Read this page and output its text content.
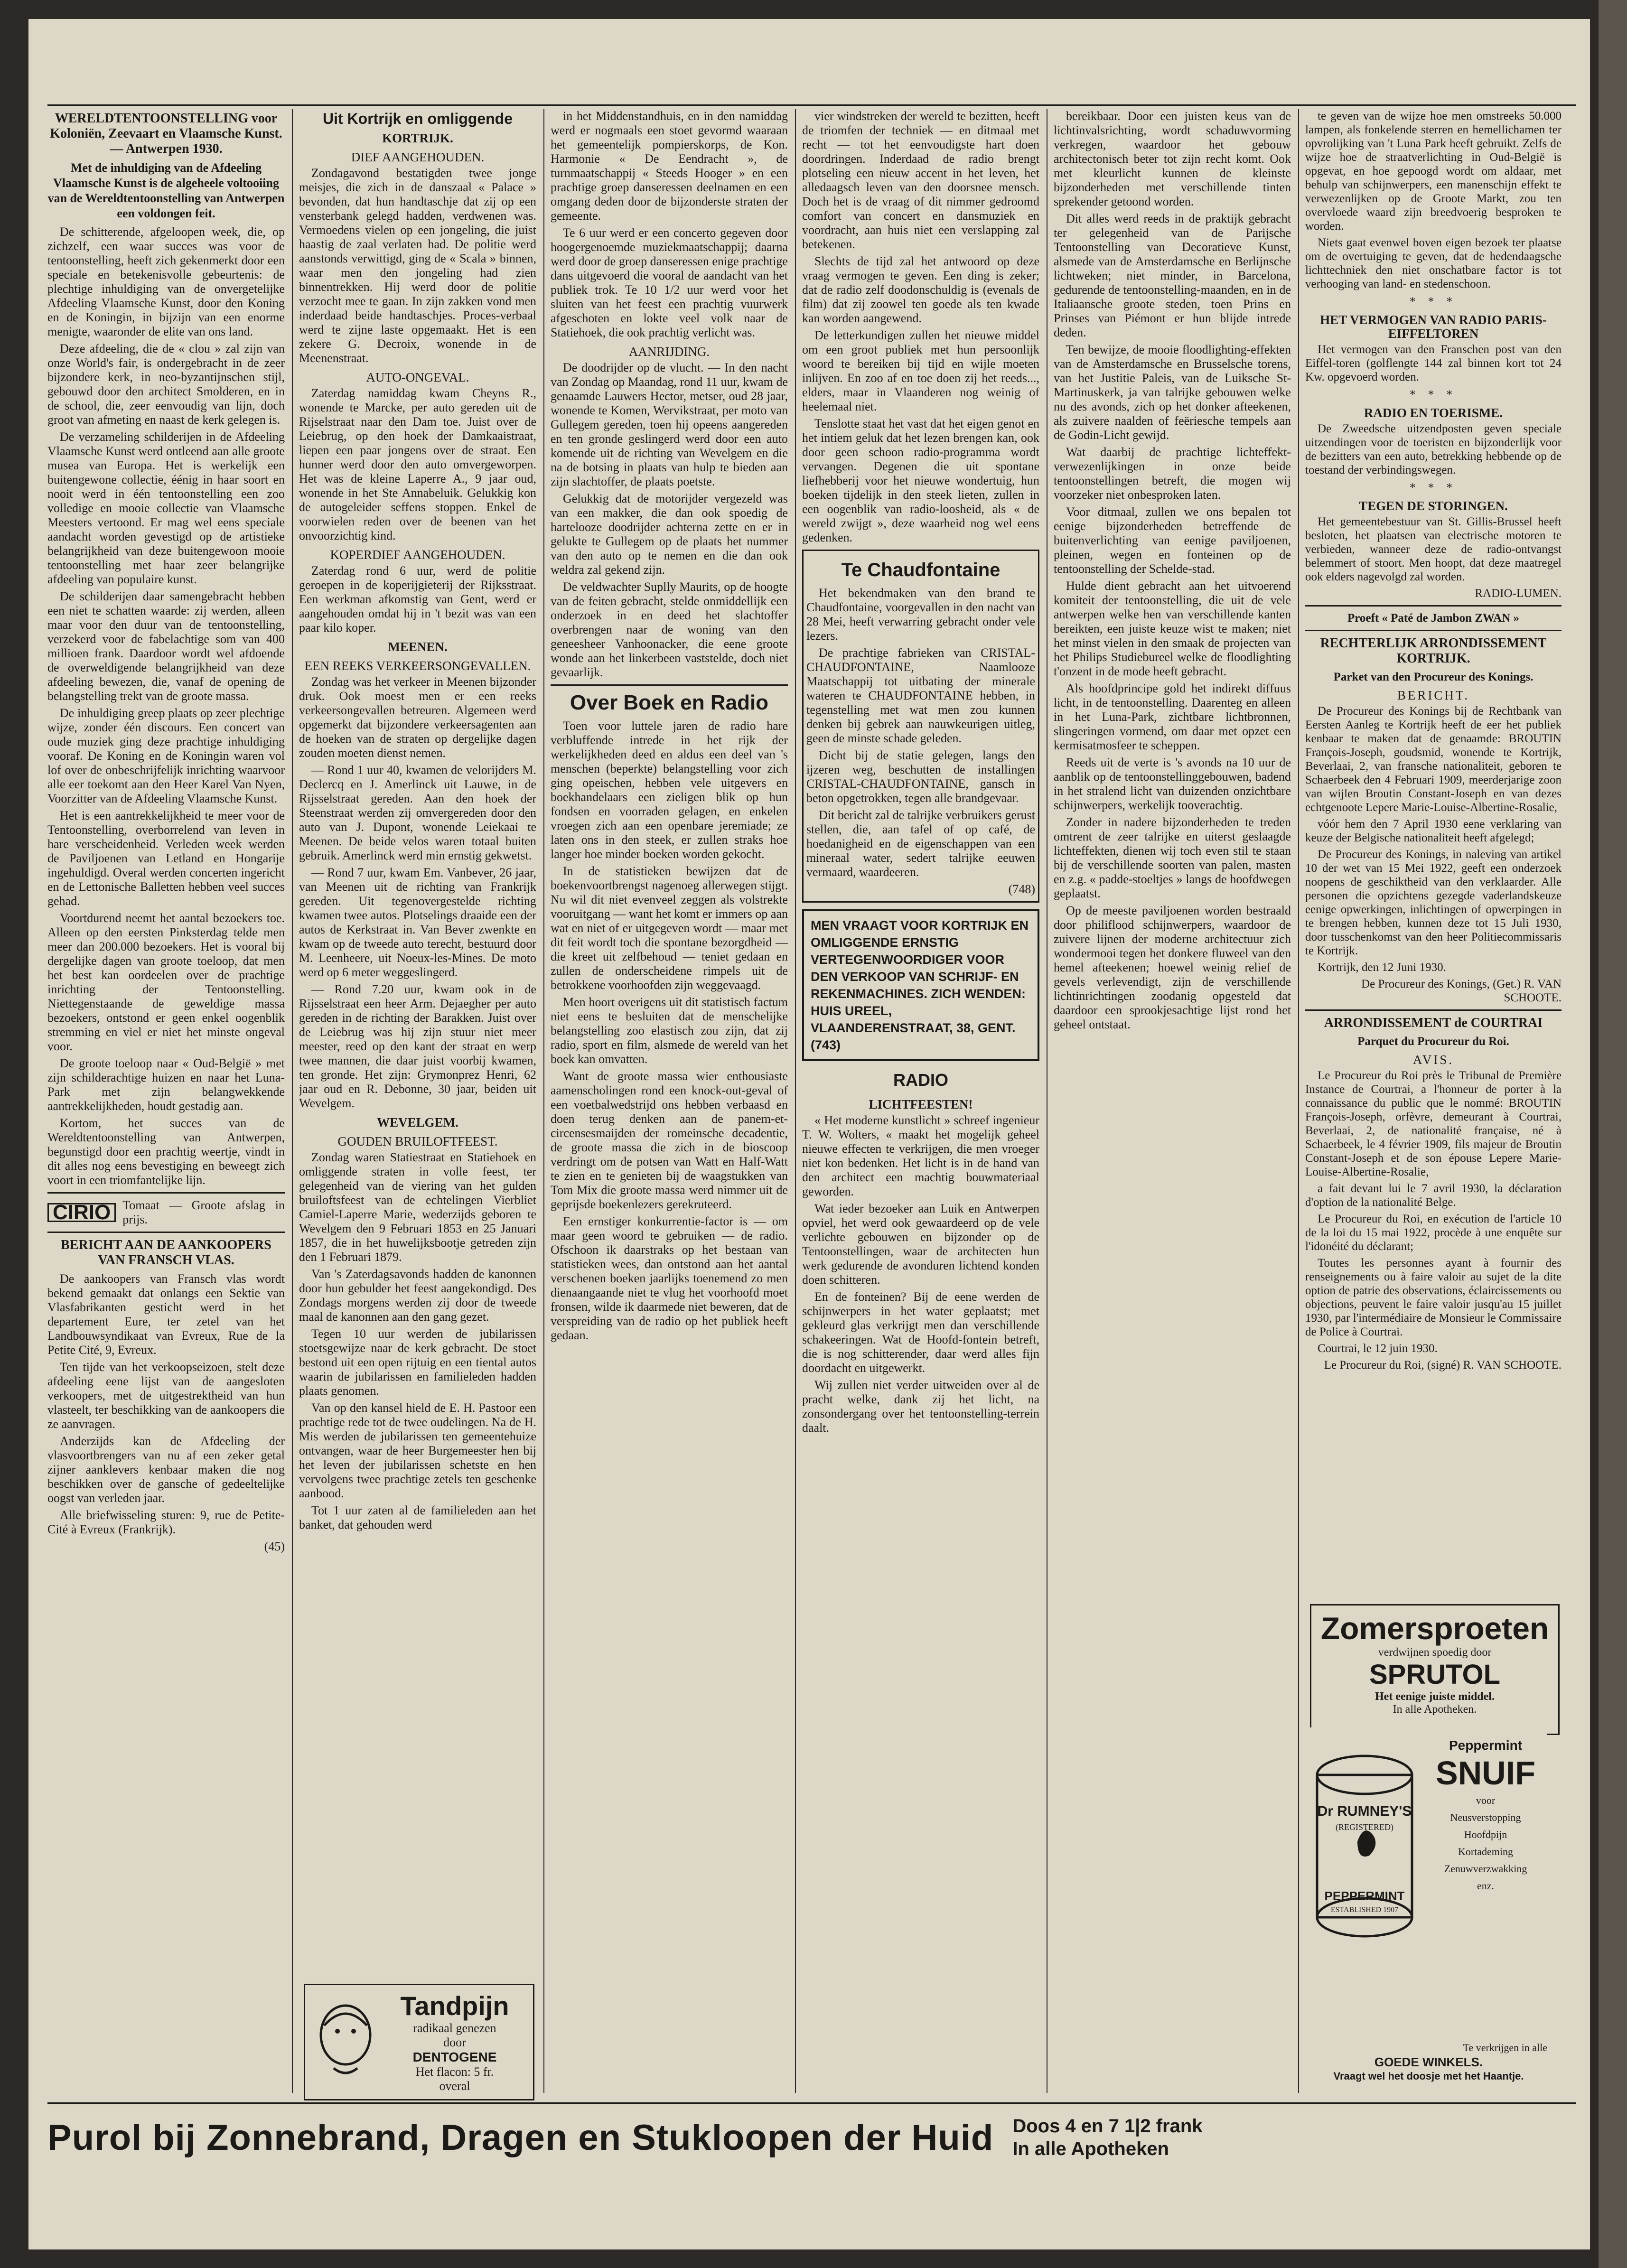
WERELDTENTOONSTELLING voor Koloniën, Zeevaart en Vlaamsche Kunst. — Antwerpen 1930.
Met de inhuldiging van de Afdeeling Vlaamsche Kunst is de algeheele voltooiing van de Wereldtentoonstelling van Antwerpen een voldongen feit.

De schitterende, afgeloopen week, die, op zichzelf, een waar succes was voor de tentoonstelling, heeft zich gekenmerkt door een speciale en betekenisvolle gebeurtenis: de plechtige inhuldiging van de onvergetelijke Afdeeling Vlaamsche Kunst, door den Koning en de Koningin, in bijzijn van een enorme menigte, waaronder de elite van ons land.

Deze afdeeling, die de « clou » zal zijn van onze World's fair, is ondergebracht in de zeer bijzondere kerk, in neo-byzantijnschen stijl, gebouwd door den architect Smolderen, en in de school, die, zeer eenvoudig van lijn, doch groot van afmeting en naast de kerk gelegen is.

De verzameling schilderijen in de Afdeeling Vlaamsche Kunst werd ontleend aan alle groote musea van Europa. Het is werkelijk een buitengewone collectie, éénig in haar soort en nooit werd in één tentoonstelling een zoo volledige en mooie collectie van Vlaamsche Meesters vertoond. Er mag wel eens speciale aandacht worden gevestigd op de artistieke belangrijkheid van deze buitengewoon mooie tentoonstelling met haar zeer belangrijke afdeeling van populaire kunst.

De schilderijen daar samengebracht hebben een niet te schatten waarde: zij werden, alleen maar voor den duur van de tentoonstelling, verzekerd voor de fabelachtige som van 400 millioen frank. Daardoor wordt wel afdoende de overweldigende belangrijkheid van deze afdeeling bewezen, die, vanaf de opening de belangstelling trekt van de groote massa.

De inhuldiging greep plaats op zeer plechtige wijze, zonder één discours. Een concert van oude muziek ging deze prachtige inhuldiging vooraf. De Koning en de Koningin waren vol lof over de onbeschrijfelijk inrichting waarvoor alle eer toekomt aan den Heer Karel Van Nyen, Voorzitter van de Afdeeling Vlaamsche Kunst.

Het is een aantrekkelijkheid te meer voor de Tentoonstelling, overborrelend van leven in hare verscheidenheid. Verleden week werden de Paviljoenen van Letland en Hongarije ingehuldigd. Overal werden concerten ingericht en de Lettonische Balletten hebben veel succes gehad.

Voortdurend neemt het aantal bezoekers toe. Alleen op den eersten Pinksterdag telde men meer dan 200.000 bezoekers. Het is vooral bij dergelijke dagen van groote toeloop, dat men het best kan oordeelen over de prachtige inrichting der Tentoonstelling. Niettegenstaande de geweldige massa bezoekers, ontstond er geen enkel oogenblik stremming en viel er niet het minste ongeval voor.

De groote toeloop naar « Oud-België » met zijn schilderachtige huizen en naar het Luna-Park met zijn belangwekkende aantrekkelijkheden, houdt gestadig aan.

Kortom, het succes van de Wereldtentoonstelling van Antwerpen, begunstigd door een prachtig weertje, vindt in dit alles nog eens bevestiging en beweegt zich voort in een triomfantelijke lijn.

CIRIO Tomaat — Groote afslag in prijs.
BERICHT AAN DE AANKOOPERS VAN FRANSCH VLAS.

De aankoopers van Fransch vlas wordt bekend gemaakt dat onlangs een Sektie van Vlasfabrikanten gesticht werd in het departement Eure, ter zetel van het Landbouwsyndikaat van Evreux, Rue de la Petite Cité, 9, Evreux.

Ten tijde van het verkoopseizoen, stelt deze afdeeling eene lijst van de aangesloten verkoopers, met de uitgestrektheid van hun vlasteelt, ter beschikking van de aankoopers die ze aanvragen.

Anderzijds kan de Afdeeling der vlasvoortbrengers van nu af een zeker getal zijner aanklevers kenbaar maken die nog beschikken over de gansche of gedeeltelijke oogst van verleden jaar.

Alle briefwisseling sturen: 9, rue de Petite-Cité à Evreux (Frankrijk).

(45)
Uit Kortrijk en omliggende
KORTRIJK.
DIEF AANGEHOUDEN.

Zondagavond bestatigden twee jonge meisjes, die zich in de danszaal « Palace » bevonden, dat hun handtaschje dat zij op een vensterbank gelegd hadden, verdwenen was. Vermoedens vielen op een jongeling, die juist haastig de zaal verlaten had. De politie werd aanstonds verwittigd, ging de « Scala » binnen, waar men den jongeling had zien binnentrekken. Hij werd door de politie verzocht mee te gaan. In zijn zakken vond men inderdaad beide handtaschjes. Proces-verbaal werd te zijne laste opgemaakt. Het is een zekere G. Decroix, wonende in de Meenenstraat.

AUTO-ONGEVAL.

Zaterdag namiddag kwam Cheyns R., wonende te Marcke, per auto gereden uit de Rijselstraat naar den Dam toe. Juist over de Leiebrug, op den hoek der Damkaaistraat, liepen een paar jongens over de straat. Een hunner werd door den auto omvergeworpen. Het was de kleine Laperre A., 9 jaar oud, wonende in het Ste Annabeluik. Gelukkig kon de autogeleider seffens stoppen. Enkel de voorwielen reden over de beenen van het onvoorzichtig kind.

KOPERDIEF AANGEHOUDEN.

Zaterdag rond 6 uur, werd de politie geroepen in de koperijgieterij der Rijksstraat. Een werkman afkomstig van Gent, werd er aangehouden omdat hij in 't bezit was van een paar kilo koper.

MEENEN.
EEN REEKS VERKEERSONGEVALLEN.

Zondag was het verkeer in Meenen bijzonder druk. Ook moest men er een reeks verkeersongevallen betreuren. Algemeen werd opgemerkt dat bijzondere verkeersagenten aan de hoeken van de straten op dergelijke dagen zouden moeten dienst nemen.

— Rond 1 uur 40, kwamen de velorijders M. Declercq en J. Amerlinck uit Lauwe, in de Rijsselstraat gereden. Aan den hoek der Steenstraat werden zij omvergereden door den auto van J. Dupont, wonende Leiekaai te Meenen. De beide velos waren totaal buiten gebruik. Amerlinck werd min ernstig gekwetst.

— Rond 7 uur, kwam Em. Vanbever, 26 jaar, van Meenen uit de richting van Frankrijk gereden. Uit tegenovergestelde richting kwamen twee autos. Plotselings draaide een der autos de Kerkstraat in. Van Bever zwenkte en kwam op de tweede auto terecht, bestuurd door M. Leenheere, uit Noeux-les-Mines. De moto werd op 6 meter weggeslingerd.

— Rond 7.20 uur, kwam ook in de Rijsselstraat een heer Arm. Dejaegher per auto gereden in de richting der Barakken. Juist over de Leiebrug was hij zijn stuur niet meer meester, reed op den kant der straat en werp twee mannen, die daar juist voorbij kwamen, ten gronde. Het zijn: Grymonprez Henri, 62 jaar oud en R. Debonne, 30 jaar, beiden uit Wevelgem.

WEVELGEM.
GOUDEN BRUILOFTFEEST.

Zondag waren Statiestraat en Statiehoek en omliggende straten in volle feest, ter gelegenheid van de viering van het gulden bruiloftsfeest van de echtelingen Vierbliet Camiel-Laperre Marie, wederzijds geboren te Wevelgem den 9 Februari 1853 en 25 Januari 1857, die in het huwelijksbootje getreden zijn den 1 Februari 1879.

Van 's Zaterdagsavonds hadden de kanonnen door hun gebulder het feest aangekondigd. Des Zondags morgens werden zij door de tweede maal de kanonnen aan den gang gezet.

Tegen 10 uur werden de jubilarissen stoetsgewijze naar de kerk gebracht. De stoet bestond uit een open rijtuig en een tiental autos waarin de jubilarissen en familieleden hadden plaats genomen.

Van op den kansel hield de E. H. Pastoor een prachtige rede tot de twee oudelingen. Na de H. Mis werden de jubilarissen ten gemeentehuize ontvangen, waar de heer Burgemeester hen bij het leven der jubilarissen schetste en hen vervolgens twee prachtige zetels ten geschenke aanbood.

Tot 1 uur zaten al de familieleden aan het banket, dat gehouden werd

Tandpijn
radikaal genezen
door
DENTOGENE
Het flacon: 5 fr.
overal

in het Middenstandhuis, en in den namiddag werd er nogmaals een stoet gevormd waaraan het gemeentelijk pompierskorps, de Kon. Harmonie « De Eendracht », de turnmaatschappij « Steeds Hooger » en een prachtige groep danseressen deelnamen en een omgang deden door de bijzonderste straten der gemeente.

Te 6 uur werd er een concerto gegeven door hoogergenoemde muziekmaatschappij; daarna werd door de groep danseressen enige prachtige dans uitgevoerd die vooral de aandacht van het publiek trok. Te 10 1/2 uur werd voor het sluiten van het feest een prachtig vuurwerk afgeschoten en lokte veel volk naar de Statiehoek, die ook prachtig verlicht was.

AANRIJDING.

De doodrijder op de vlucht. — In den nacht van Zondag op Maandag, rond 11 uur, kwam de genaamde Lauwers Hector, metser, oud 28 jaar, wonende te Komen, Wervikstraat, per moto van Gullegem gereden, toen hij opeens aangereden en ten gronde geslingerd werd door een auto komende uit de richting van Wevelgem en die na de botsing in plaats van hulp te bieden aan zijn slachtoffer, de plaats poetste.

Gelukkig dat de motorijder vergezeld was van een makker, die dan ook spoedig de hartelooze doodrijder achterna zette en er in gelukte te Gullegem op de plaats het nummer van den auto op te nemen en die dan ook weldra zal gekend zijn.

De veldwachter Suplly Maurits, op de hoogte van de feiten gebracht, stelde onmiddellijk een onderzoek in en deed het slachtoffer overbrengen naar de woning van den geneesheer Vanhoonacker, die eene groote wonde aan het linkerbeen vaststelde, doch niet gevaarlijk.

Over Boek en Radio

Toen voor luttele jaren de radio hare verbluffende intrede in het rijk der werkelijkheden deed en aldus een deel van 's menschen (beperkte) belangstelling voor zich ging opeischen, hebben vele uitgevers en boekhandelaars een zieligen blik op hun fondsen en voorraden gelagen, en enkelen vroegen zich aan een openbare jeremiade; ze laten ons in den steek, er zullen straks hoe langer hoe minder boeken worden gekocht.

In de statistieken bewijzen dat de boekenvoortbrengst nagenoeg allerwegen stijgt. Nu wil dit niet evenveel zeggen als volstrekte vooruitgang — want het komt er immers op aan wat en niet of er uitgegeven wordt — maar met dit feit wordt toch die spontane bezorgdheid — die kreet uit zelfbehoud — teniet gedaan en zullen de onderscheidene rimpels uit de betrokkene voorhoofden zijn weggevaagd.

Men hoort overigens uit dit statistisch factum niet eens te besluiten dat de menschelijke belangstelling zoo elastisch zou zijn, dat zij radio, sport en film, alsmede de wereld van het boek kan omvatten.

Want de groote massa wier enthousiaste aamenscholingen rond een knock-out-geval of een voetbalwedstrijd ons hebben verbaasd en doen terug denken aan de panem-et-circensesmaijden der romeinsche decadentie, de groote massa die zich in de bioscoop verdringt om de potsen van Watt en Half-Watt te zien en te genieten bij de waagstukken van Tom Mix die groote massa werd nimmer uit de geprijsde boekenlezers gerekruteerd.

Een ernstiger konkurrentie-factor is — om maar geen woord te gebruiken — de radio. Ofschoon ik daarstraks op het bestaan van statistieken wees, dan ontstond aan het aantal verschenen boeken jaarlijks toenemend zo men dienaangaande niet te vlug het voorhoofd moet fronsen, wilde ik daarmede niet beweren, dat de verspreiding van de radio op het publiek heeft gedaan.

vier windstreken der wereld te bezitten, heeft de triomfen der techniek — en ditmaal met recht — tot het eenvoudigste hart doen doordringen. Inderdaad de radio brengt plotseling een nieuw accent in het leven, het alledaagsch leven van den doorsnee mensch. Doch het is de vraag of dit nimmer gedroomd comfort van concert en dansmuziek en voordracht, aan huis niet een verslapping zal betekenen.

Slechts de tijd zal het antwoord op deze vraag vermogen te geven. Een ding is zeker; dat de radio zelf doodonschuldig is (evenals de film) dat zij zoowel ten goede als ten kwade kan worden aangewend.

De letterkundigen zullen het nieuwe middel om een groot publiek met hun persoonlijk woord te bereiken bij tijd en wijle moeten inlijven. En zoo af en toe doen zij het reeds..., elders, maar in Vlaanderen nog weinig of heelemaal niet.

Tenslotte staat het vast dat het eigen genot en het intiem geluk dat het lezen brengen kan, ook door geen schoon radio-programma wordt vervangen. Degenen die uit spontane liefhebberij voor het nieuwe wondertuig, hun boeken tijdelijk in den steek lieten, zullen in een oogenblik van radio-loosheid, als « de wereld zwijgt », deze waarheid nog wel eens gedenken.

Te Chaudfontaine

Het bekendmaken van den brand te Chaudfontaine, voorgevallen in den nacht van 28 Mei, heeft verwarring gebracht onder vele lezers.

De prachtige fabrieken van CRISTAL-CHAUDFONTAINE, Naamlooze Maatschappij tot uitbating der minerale wateren te CHAUDFONTAINE hebben, in tegenstelling met wat men zou kunnen denken bij gebrek aan nauwkeurigen uitleg, geen de minste schade geleden.

Dicht bij de statie gelegen, langs den ijzeren weg, beschutten de installingen CRISTAL-CHAUDFONTAINE, gansch in beton opgetrokken, tegen alle brandgevaar.

Dit bericht zal de talrijke verbruikers gerust stellen, die, aan tafel of op café, de hoedanigheid en de eigenschappen van een mineraal water, sedert talrijke eeuwen vermaard, waardeeren.

(748)
MEN VRAAGT VOOR KORTRIJK EN OMLIGGENDE ERNSTIG VERTEGENWOORDIGER VOOR DEN VERKOOP VAN SCHRIJF- EN REKENMACHINES. ZICH WENDEN: HUIS UREEL, VLAANDERENSTRAAT, 38, GENT. (743)
RADIO
LICHTFEESTEN!

« Het moderne kunstlicht » schreef ingenieur T. W. Wolters, « maakt het mogelijk geheel nieuwe effecten te verkrijgen, die men vroeger niet kon bedenken. Het licht is in de hand van den architect een machtig bouwmateriaal geworden.

Wat ieder bezoeker aan Luik en Antwerpen opviel, het werd ook gewaardeerd op de vele verlichte gebouwen en bijzonder op de Tentoonstellingen, waar de architecten hun werk gedurende de avonduren lichtend konden doen schitteren.

En de fonteinen? Bij de eene werden de schijnwerpers in het water geplaatst; met gekleurd glas verkrijgt men dan verschillende schakeeringen. Wat de Hoofd-fontein betreft, die is nog schitterender, daar werd alles fijn doordacht en uitgewerkt.

Wij zullen niet verder uitweiden over al de pracht welke, dank zij het licht, na zonsondergang over het tentoonstelling-terrein daalt.

bereikbaar. Door een juisten keus van de lichtinvalsrichting, wordt schaduwvorming verkregen, waardoor het gebouw architectonisch beter tot zijn recht komt. Ook met kleurlicht kunnen de kleinste bijzonderheden met verschillende tinten sprekender getoond worden.

Dit alles werd reeds in de praktijk gebracht ter gelegenheid van de Parijsche Tentoonstelling van Decoratieve Kunst, alsmede van de Amsterdamsche en Berlijnsche lichtweken; niet minder, in Barcelona, gedurende de tentoonstelling-maanden, en in de Italiaansche groote steden, toen Prins en Prinses van Piémont er hun blijde intrede deden.

Ten bewijze, de mooie floodlighting-effekten van de Amsterdamsche en Brusselsche torens, van het Justitie Paleis, van de Luiksche St-Martinuskerk, ja van talrijke gebouwen welke nu des avonds, zich op het donker afteekenen, als zuivere naalden of feëriesche tempels aan de Godin-Licht gewijd.

Wat daarbij de prachtige lichteffekt-verwezenlijkingen in onze beide tentoonstellingen betreft, die mogen wij voorzeker niet onbesproken laten.

Voor ditmaal, zullen we ons bepalen tot eenige bijzonderheden betreffende de buitenverlichting van eenige paviljoenen, pleinen, wegen en fonteinen op de tentoonstelling der Schelde-stad.

Hulde dient gebracht aan het uitvoerend komiteit der tentoonstelling, die uit de vele antwerpen welke hen van verschillende kanten bereikten, een juiste keuze wist te maken; niet het minst vielen in den smaak de projecten van het Philips Studiebureel welke de floodlighting t'onzent in de mode heeft gebracht.

Als hoofdprincipe gold het indirekt diffuus licht, in de tentoonstelling. Daarenteg en alleen in het Luna-Park, zichtbare lichtbronnen, slingeringen vormend, om daar met opzet een kermisatmosfeer te scheppen.

Reeds uit de verte is 's avonds na 10 uur de aanblik op de tentoonstellinggebouwen, badend in het stralend licht van duizenden onzichtbare schijnwerpers, werkelijk tooverachtig.

Zonder in nadere bijzonderheden te treden omtrent de zeer talrijke en uiterst geslaagde lichteffekten, dienen wij toch even stil te staan bij de verschillende soorten van palen, masten en z.g. « padde-stoeltjes » langs de hoofdwegen geplaatst.

Op de meeste paviljoenen worden bestraald door philiflood schijnwerpers, waardoor de zuivere lijnen der moderne architectuur zich wondermooi tegen het donkere fluweel van den hemel afteekenen; hoewel weinig relief de gevels verlevendigt, zijn de verschillende lichtinrichtingen zoodanig opgesteld dat daardoor een sprookjesachtige lijst rond het geheel ontstaat.

te geven van de wijze hoe men omstreeks 50.000 lampen, als fonkelende sterren en hemellichamen ter opvrolijking van 't Luna Park heeft gebruikt. Zelfs de wijze hoe de straatverlichting in Oud-België is opgevat, en hoe gepoogd wordt om aldaar, met behulp van schijnwerpers, een manenschijn effekt te verwezenlijken op de Groote Markt, zou ten overvloede waard zijn breedvoerig besproken te worden.

Niets gaat evenwel boven eigen bezoek ter plaatse om de overtuiging te geven, dat de hedendaagsche lichttechniek den niet onschatbare factor is tot verhooging van land- en stedenschoon.

* * *
HET VERMOGEN VAN RADIO PARIS-EIFFELTOREN

Het vermogen van den Franschen post van den Eiffel-toren (golflengte 144 zal binnen kort tot 24 Kw. opgevoerd worden.

* * *
RADIO EN TOERISME.

De Zweedsche uitzendposten geven speciale uitzendingen voor de toeristen en bijzonderlijk voor de bezitters van een auto, betrekking hebbende op de toestand der verbindingswegen.

* * *
TEGEN DE STORINGEN.

Het gemeentebestuur van St. Gillis-Brussel heeft besloten, het plaatsen van electrische motoren te verbieden, wanneer deze de radio-ontvangst belemmert of stoort. Men hoopt, dat deze maatregel ook elders nagevolgd zal worden.

RADIO-LUMEN.
Proeft « Paté de Jambon ZWAN »
RECHTERLIJK ARRONDISSEMENT KORTRIJK.
Parket van den Procureur des Konings.
BERICHT.

De Procureur des Konings bij de Rechtbank van Eersten Aanleg te Kortrijk heeft de eer het publiek kenbaar te maken dat de genaamde: BROUTIN François-Joseph, goudsmid, wonende te Kortrijk, Beverlaai, 2, van fransche nationaliteit, geboren te Schaerbeek den 4 Februari 1909, meerderjarige zoon van wijlen Broutin Constant-Joseph en van dezes echtgenoote Lepere Marie-Louise-Albertine-Rosalie,

vóór hem den 7 April 1930 eene verklaring van keuze der Belgische nationaliteit heeft afgelegd;

De Procureur des Konings, in naleving van artikel 10 der wet van 15 Mei 1922, geeft een onderzoek noopens de geschiktheid van den verklaarder. Alle personen die opzichtens gezegde vaderlandskeuze eenige opwerkingen, inlichtingen of opwerpingen in te brengen hebben, kunnen deze tot 15 Juli 1930, door tusschenkomst van den heer Politiecommissaris te Kortrijk.

Kortrijk, den 12 Juni 1930.

De Procureur des Konings, (Get.) R. VAN SCHOOTE.
ARRONDISSEMENT de COURTRAI
Parquet du Procureur du Roi.
AVIS.

Le Procureur du Roi près le Tribunal de Première Instance de Courtrai, a l'honneur de porter à la connaissance du public que le nommé: BROUTIN François-Joseph, orfèvre, demeurant à Courtrai, Beverlaai, 2, de nationalité française, né à Schaerbeek, le 4 février 1909, fils majeur de Broutin Constant-Joseph et de son épouse Lepere Marie-Louise-Albertine-Rosalie,

a fait devant lui le 7 avril 1930, la déclaration d'option de la nationalité Belge.

Le Procureur du Roi, en exécution de l'article 10 de la loi du 15 mai 1922, procède à une enquête sur l'idonéité du déclarant;

Toutes les personnes ayant à fournir des renseignements ou à faire valoir au sujet de la dite option de patrie des observations, éclaircissements ou objections, peuvent le faire valoir jusqu'au 15 juillet 1930, par l'intermédiaire de Monsieur le Commissaire de Police à Courtrai.

Courtrai, le 12 juin 1930.

Le Procureur du Roi, (signé) R. VAN SCHOOTE.
Zomersproeten
verdwijnen spoedig door
SPRUTOL
Het eenige juiste middel.
In alle Apotheken.
Dr RUMNEY'S
(REGISTERED)
PEPPERMINT
ESTABLISHED 1907
Peppermint
SNUIF
voor
Neusverstopping
Hoofdpijn
Kortademing
Zenuwverzwakking
enz.
Te verkrijgen in alle
GOEDE WINKELS.
Vraagt wel het doosje met het Haantje.
Purol bij Zonnebrand, Dragen en Stukloopen der Huid Doos 4 en 7 1|2 frank
In alle Apotheken
